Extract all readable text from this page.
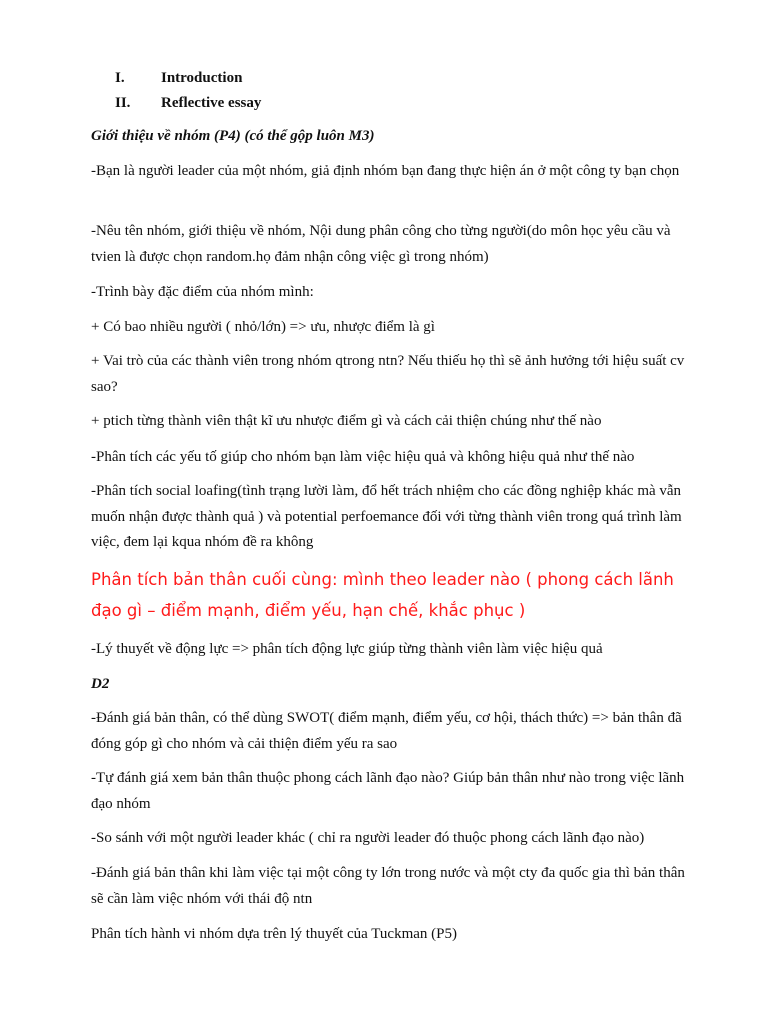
I.	Introduction
II.	Reflective essay
Giới thiệu về nhóm (P4) (có thể gộp luôn M3)
-Bạn là người leader của một nhóm, giả định nhóm bạn đang thực hiện án ở một công ty bạn chọn
-Nêu tên nhóm, giới thiệu về nhóm, Nội dung phân công cho từng người(do môn học yêu cầu và tvien là được chọn random.họ đảm nhận công việc gì trong nhóm)
-Trình bày đặc điểm của nhóm mình:
+ Có bao nhiều người ( nhỏ/lớn) => ưu, nhược điểm là gì
+ Vai trò của các thành viên trong nhóm qtrong ntn? Nếu thiếu họ thì sẽ ảnh hưởng tới hiệu suất cv sao?
+ ptich từng thành viên thật kĩ ưu nhược điểm gì và cách cải thiện chúng như thế nào
-Phân tích các yếu tố giúp cho nhóm bạn làm việc hiệu quả và không hiệu quả như thế nào
-Phân tích social loafing(tình trạng lười làm, đổ hết trách nhiệm cho các đồng nghiệp khác mà vẫn muốn nhận được thành quả ) và potential perfoemance đối với từng thành viên trong quá trình làm việc, đem lại kqua nhóm đề ra không
Phân tích bản thân cuối cùng: mình theo leader nào ( phong cách lãnh đạo gì – điểm mạnh, điểm yếu, hạn chế, khắc phục )
-Lý thuyết về động lực => phân tích động lực giúp từng thành viên làm việc hiệu quả
D2
-Đánh giá bản thân, có thể dùng SWOT( điểm mạnh, điểm yếu, cơ hội, thách thức) => bản thân đã đóng góp gì cho nhóm và cải thiện điểm yếu ra sao
-Tự đánh giá xem bản thân thuộc phong cách lãnh đạo nào? Giúp bản thân như nào trong việc lãnh đạo nhóm
-So sánh với một người leader khác ( chỉ ra người leader đó thuộc phong cách lãnh đạo nào)
-Đánh giá bản thân khi làm việc tại một công ty lớn trong nước và một cty đa quốc gia thì bản thân sẽ cần làm việc nhóm với thái độ ntn
Phân tích hành vi nhóm dựa trên lý thuyết của Tuckman (P5)
